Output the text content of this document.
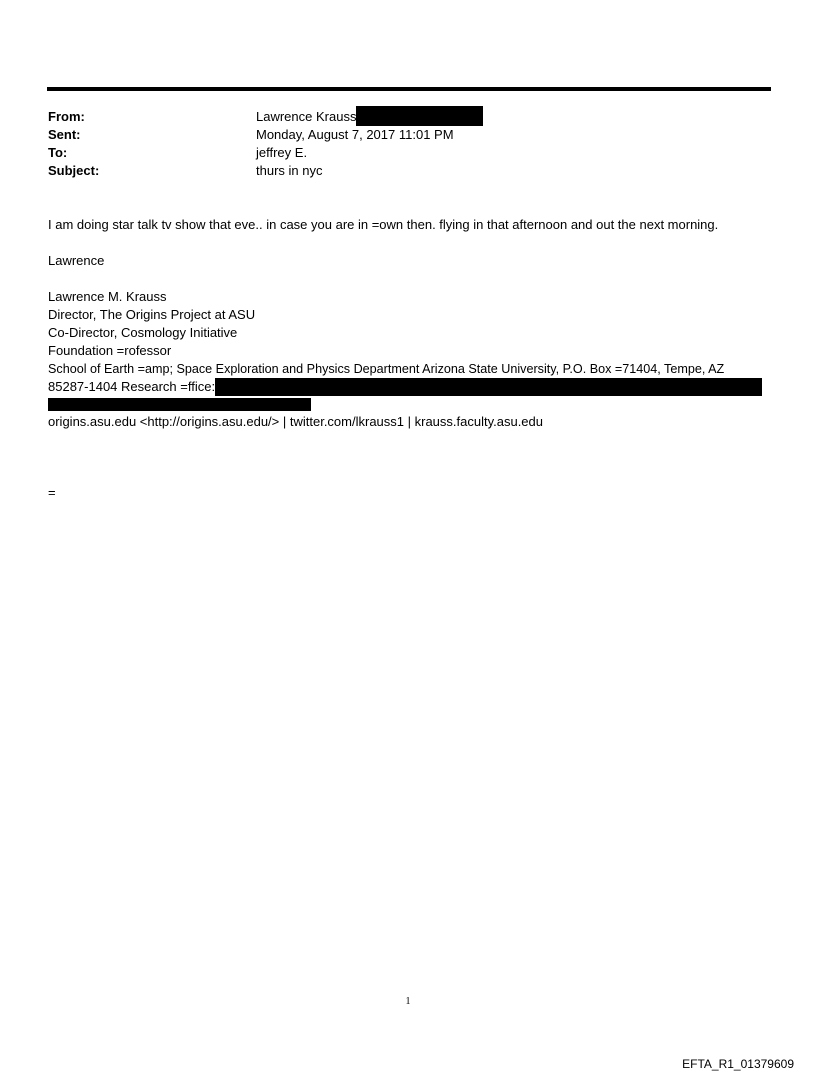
From:	Lawrence Krauss
Sent:	Monday, August 7, 2017 11:01 PM
To:	jeffrey E.
Subject:	thurs in nyc
I am doing star talk tv show that eve.. in case you are in =own then. flying in that afternoon and out the next morning.
Lawrence
Lawrence M. Krauss
Director, The Origins Project at ASU
Co-Director, Cosmology Initiative
Foundation =rofessor
School of Earth =amp; Space Exploration and Physics Department Arizona State University, P.O. Box =71404, Tempe, AZ
85287-1404 Research =ffice:
origins.asu.edu <http://origins.asu.edu/> | twitter.com/lkrauss1 | krauss.faculty.asu.edu
=
1
EFTA_R1_01379609
